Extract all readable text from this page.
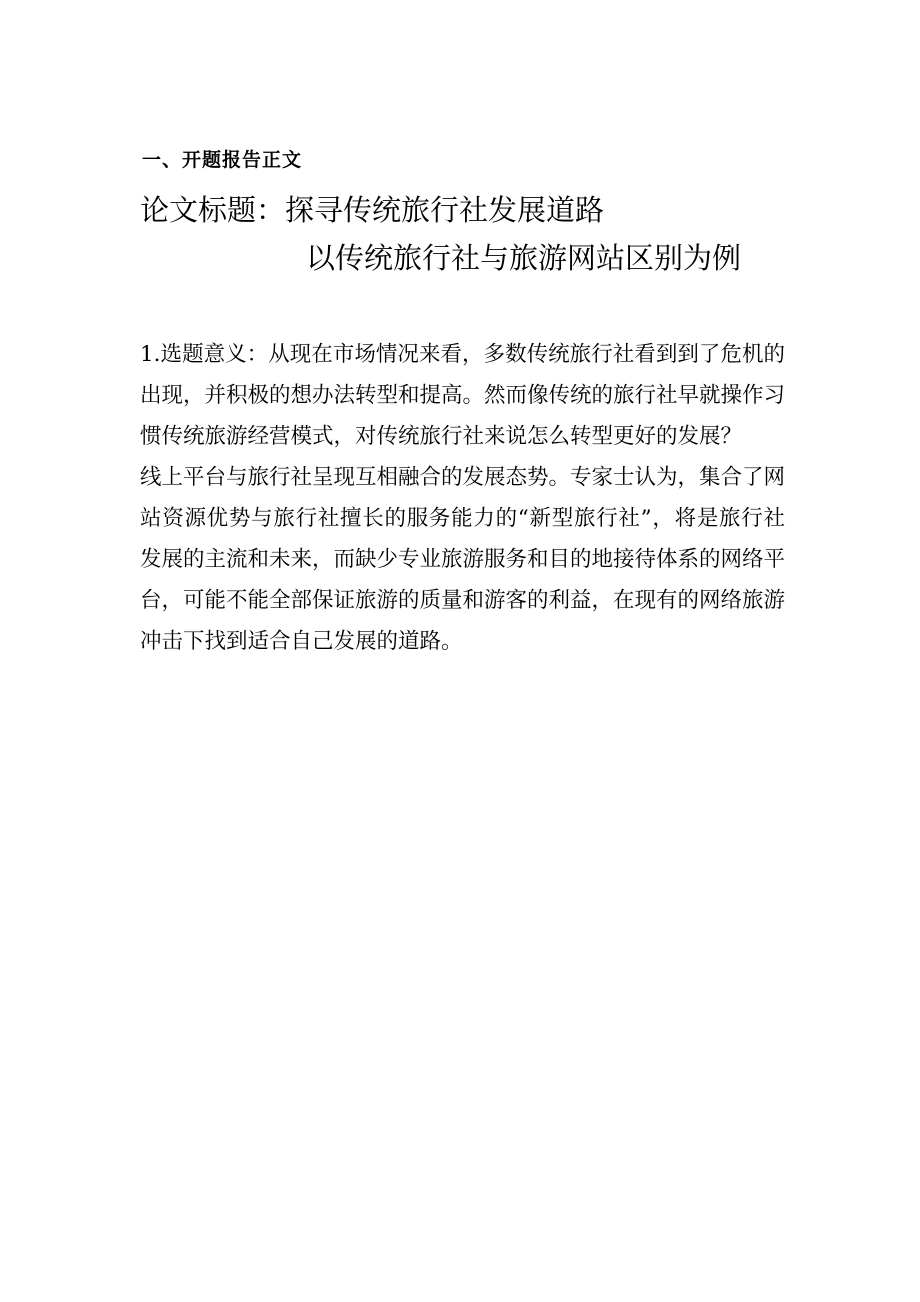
一、开题报告正文
论文标题：探寻传统旅行社发展道路
以传统旅行社与旅游网站区别为例
1.选题意义：从现在市场情况来看，多数传统旅行社看到到了危机的
出现，并积极的想办法转型和提高。然而像传统的旅行社早就操作习
惯传统旅游经营模式，对传统旅行社来说怎么转型更好的发展？
线上平台与旅行社呈现互相融合的发展态势。专家士认为，集合了网
站资源优势与旅行社擅长的服务能力的“新型旅行社”，将是旅行社
发展的主流和未来，而缺少专业旅游服务和目的地接待体系的网络平
台，可能不能全部保证旅游的质量和游客的利益，在现有的网络旅游
冲击下找到适合自己发展的道路。
